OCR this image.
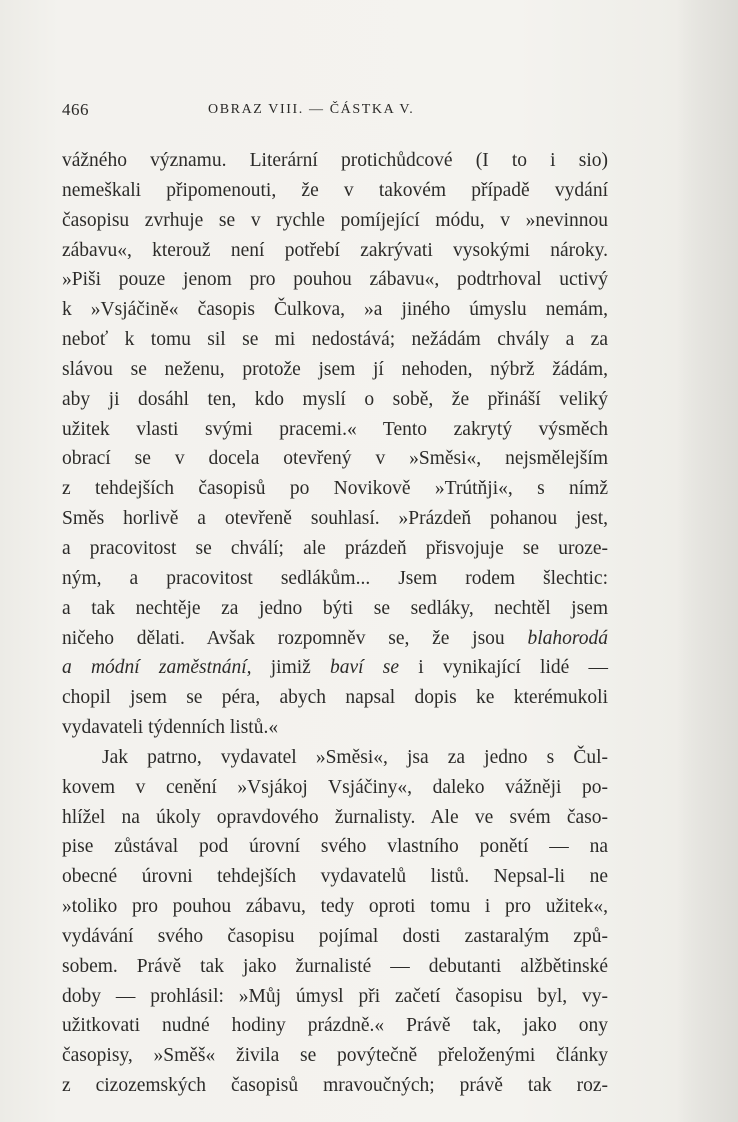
466	OBRAZ VIII. — ČÁSTKA V.
vážného významu. Literární protichůdcové (I to i sio)
nemeškali připomenouti, že v takovém případě vydání
časopisu zvrhuje se v rychle pomíjející módu, v »nevinnou
zábavu«, kterouž není potřebí zakrývati vysokými nároky.
»Piši pouze jenom pro pouhou zábavu«, podtrhoval uctivý
k »Vsjáčině« časopis Čulkova, »a jiného úmyslu nemám,
neboť k tomu sil se mi nedostává; nežádám chvály a za
slávou se neženu, protože jsem jí nehoden, nýbrž žádám,
aby ji dosáhl ten, kdo myslí o sobě, že přináší veliký
užitek vlasti svými pracemi.« Tento zakrytý výsměch
obrací se v docela otevřený v »Směsi«, nejsmělejším
z tehdejších časopisů po Novikově »Trútňji«, s nímž
Směs horlivě a otevřeně souhlasí. »Prázdeň pohanou jest,
a pracovitost se chválí; ale prázdeň přisvojuje se uroze-
ným, a pracovitost sedlákům... Jsem rodem šlechtic:
a tak nechtěje za jedno býti se sedláky, nechtěl jsem
ničeho dělati. Avšak rozpomněv se, že jsou blahorodá
a módní zaměstnání, jimiž baví se i vynikající lidé —
chopil jsem se péra, abych napsal dopis ke kterémukoli
vydavateli týdenních listů.«
Jak patrno, vydavatel »Směsi«, jsa za jedno s Čul-
kovem v cenění »Vsjákoj Vsjáčiny«, daleko vážněji po-
hlížel na úkoly opravdového žurnalisty. Ale ve svém časo-
pise zůstával pod úrovní svého vlastního ponětí — na
obecné úrovni tehdejších vydavatelů listů. Nepsal-li ne
»toliko pro pouhou zábavu, tedy oproti tomu i pro užitek«,
vydávání svého časopisu pojímal dosti zastaralým způ-
sobem. Právě tak jako žurnalisté — debutanti alžbětinské
doby — prohlásil: »Můj úmysl při začetí časopisu byl, vy-
užitkovati nudné hodiny prázdně.« Právě tak, jako ony
časopisy, »Směš« živila se povýtečně přeloženými články
z cizozemských časopisů mravoučných; právě tak roz-
